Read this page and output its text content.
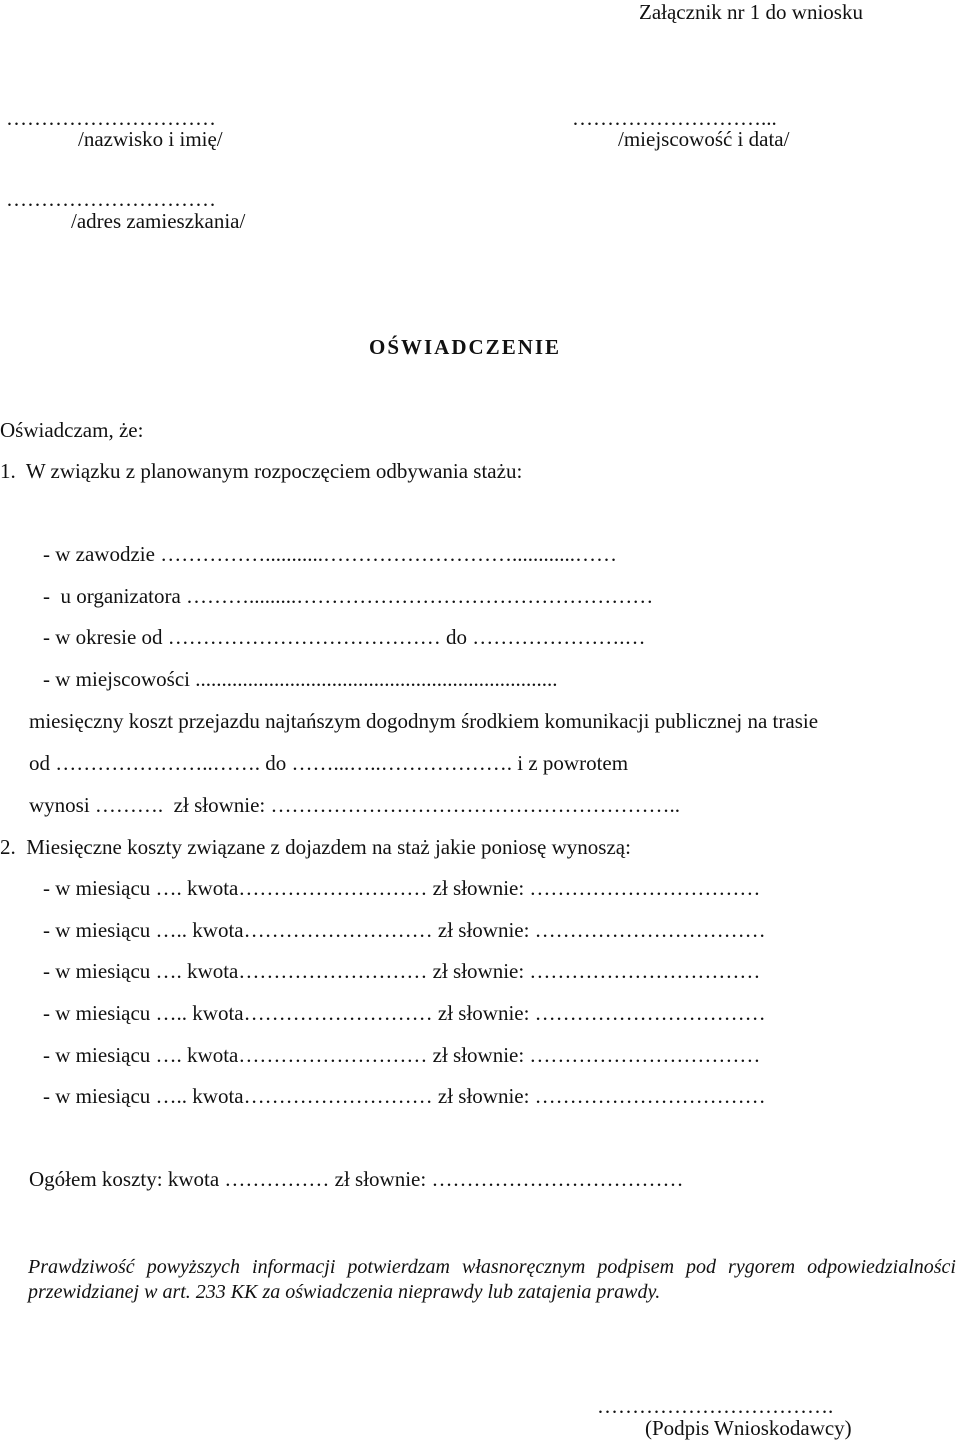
Załącznik nr 1 do wniosku
…………………………
/nazwisko i imię/
………………………...
/miejscowość i data/
…………………………
/adres zamieszkania/
OŚWIADCZENIE
Oświadczam, że:
1.  W związku z planowanym rozpoczęciem odbywania stażu:
- w zawodzie ……………...........………………………............……
-  u organizatora ……….........……………………………………………
- w okresie od ………………………………… do ………………….…
- w miejscowości .....................................................................
miesięczny koszt przejazdu najtańszym dogodnym środkiem komunikacji publicznej na trasie
od …………………..……. do ……...…..………………. i z powrotem
wynosi ……….  zł słownie: …………………………………………………..
2.  Miesięczne koszty związane z dojazdem na staż jakie poniosę wynoszą:
- w miesiącu …. kwota……………………… zł słownie: ……………………………
- w miesiącu ….. kwota……………………… zł słownie: ……………………………
- w miesiącu …. kwota……………………… zł słownie: ……………………………
- w miesiącu ….. kwota……………………… zł słownie: ……………………………
- w miesiącu …. kwota……………………… zł słownie: ……………………………
- w miesiącu ….. kwota……………………… zł słownie: ……………………………
Ogółem koszty: kwota …………… zł słownie: ………………………………
Prawdziwość powyższych informacji potwierdzam własnoręcznym podpisem pod rygorem odpowiedzialności przewidzianej w art. 233 KK za oświadczenia nieprawdy lub zatajenia prawdy.
…………………………….
(Podpis Wnioskodawcy)
